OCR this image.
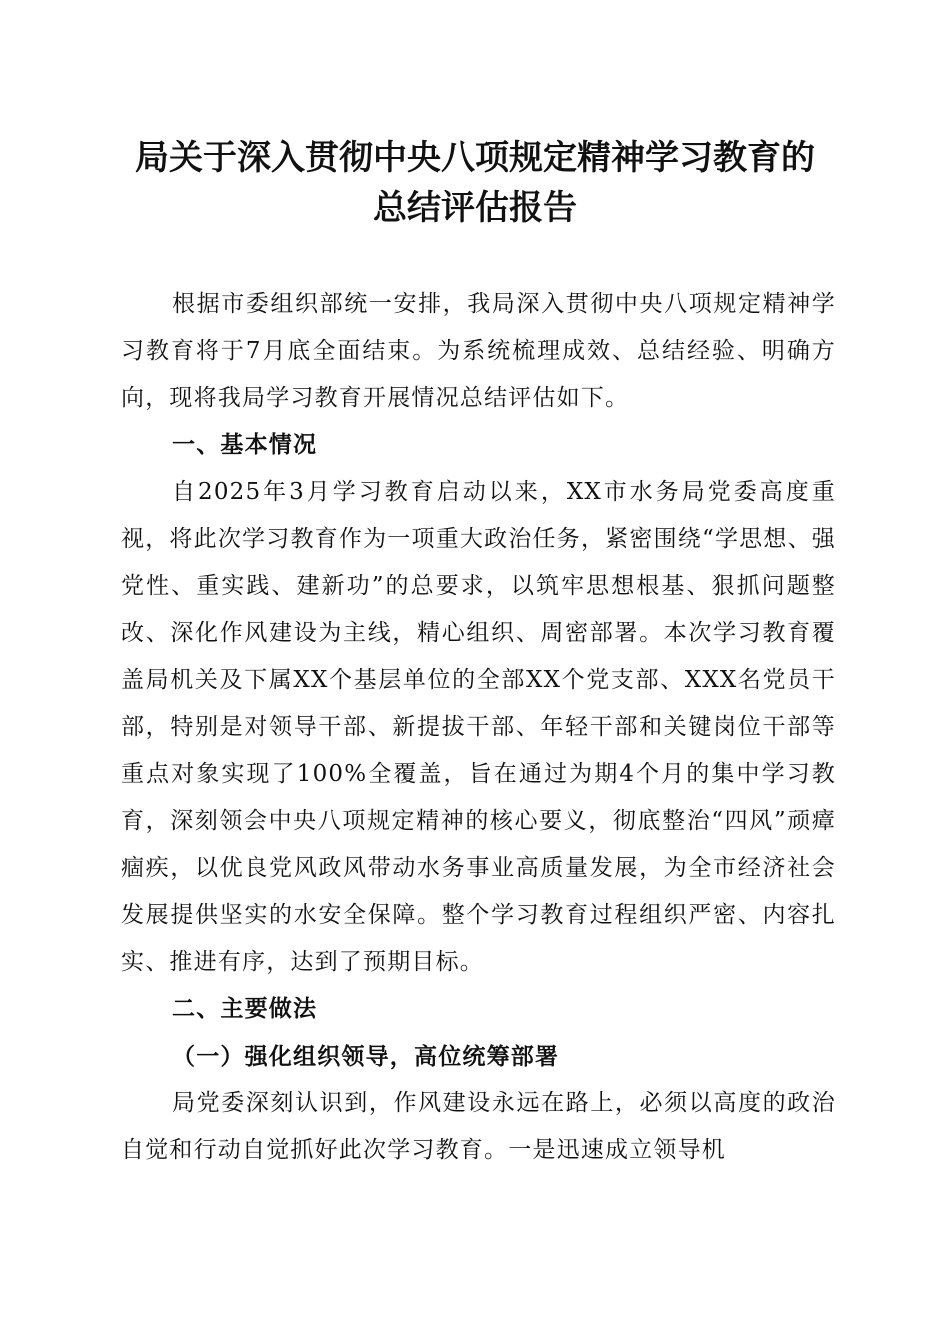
局关于深入贯彻中央八项规定精神学习教育的
总结评估报告

根据市委组织部统一安排，我局深入贯彻中央八项规定精神学习教育将于7月底全面结束。为系统梳理成效、总结经验、明确方向，现将我局学习教育开展情况总结评估如下。

一、基本情况

自2025年3月学习教育启动以来，XX市水务局党委高度重视，将此次学习教育作为一项重大政治任务，紧密围绕“学思想、强党性、重实践、建新功”的总要求，以筑牢思想根基、狠抓问题整改、深化作风建设为主线，精心组织、周密部署。本次学习教育覆盖局机关及下属XX个基层单位的全部XX个党支部、XXX名党员干部，特别是对领导干部、新提拔干部、年轻干部和关键岗位干部等重点对象实现了100%全覆盖，旨在通过为期4个月的集中学习教育，深刻领会中央八项规定精神的核心要义，彻底整治“四风”顽瘴痼疾，以优良党风政风带动水务事业高质量发展，为全市经济社会发展提供坚实的水安全保障。整个学习教育过程组织严密、内容扎实、推进有序，达到了预期目标。

二、主要做法

（一）强化组织领导，高位统筹部署

局党委深刻认识到，作风建设永远在路上，必须以高度的政治自觉和行动自觉抓好此次学习教育。一是迅速成立领导机
